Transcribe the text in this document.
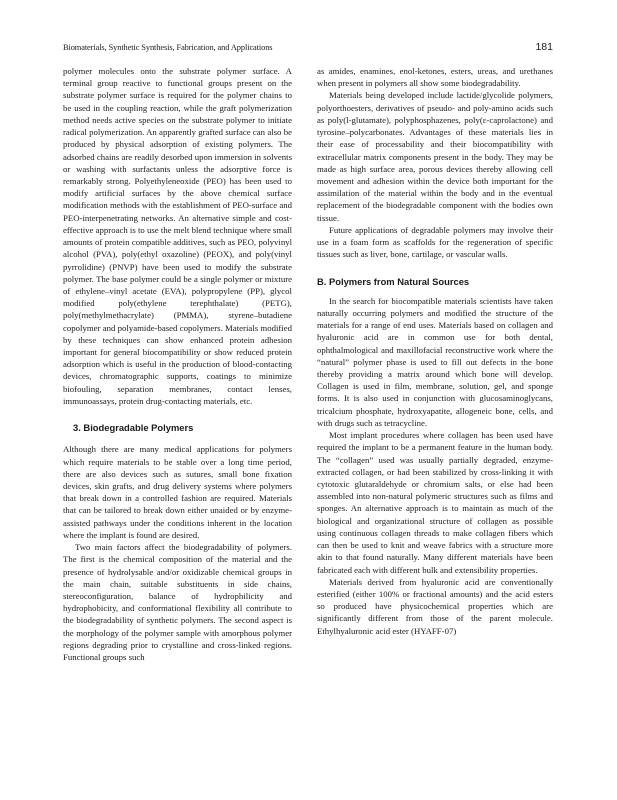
Biomaterials, Synthetic Synthesis, Fabrication, and Applications	181

polymer molecules onto the substrate polymer surface. A terminal group reactive to functional groups present on the substrate polymer surface is required for the polymer chains to be used in the coupling reaction, while the graft polymerization method needs active species on the substrate polymer to initiate radical polymerization. An apparently grafted surface can also be produced by physical adsorption of existing polymers. The adsorbed chains are readily desorbed upon immersion in solvents or washing with surfactants unless the adsorptive force is remarkably strong. Polyethyleneoxide (PEO) has been used to modify artificial surfaces by the above chemical surface modification methods with the establishment of PEO-surface and PEO-interpenetrating networks. An alternative simple and cost-effective approach is to use the melt blend technique where small amounts of protein compatible additives, such as PEO, polyvinyl alcohol (PVA), poly(ethyl oxazoline) (PEOX), and poly(vinyl pyrrolidine) (PNVP) have been used to modify the substrate polymer. The base polymer could be a single polymer or mixture of ethylene–vinyl acetate (EVA), polypropylene (PP), glycol modified poly(ethylene terephthalate) (PETG), poly(methylmethacrylate) (PMMA), styrene–butadiene copolymer and polyamide-based copolymers. Materials modified by these techniques can show enhanced protein adhesion important for general biocompatibility or show reduced protein adsorption which is useful in the production of blood-contacting devices, chromatographic supports, coatings to minimize biofouling, separation membranes, contact lenses, immunoassays, protein drug-contacting materials, etc.

3. Biodegradable Polymers

Although there are many medical applications for polymers which require materials to be stable over a long time period, there are also devices such as sutures, small bone fixation devices, skin grafts, and drug delivery systems where polymers that break down in a controlled fashion are required. Materials that can be tailored to break down either unaided or by enzyme-assisted pathways under the conditions inherent in the location where the implant is found are desired.

Two main factors affect the biodegradability of polymers. The first is the chemical composition of the material and the presence of hydrolysable and/or oxidizable chemical groups in the main chain, suitable substituents in side chains, stereoconfiguration, balance of hydrophilicity and hydrophobicity, and conformational flexibility all contribute to the biodegradability of synthetic polymers. The second aspect is the morphology of the polymer sample with amorphous polymer regions degrading prior to crystalline and cross-linked regions. Functional groups such

as amides, enamines, enol-ketones, esters, ureas, and urethanes when present in polymers all show some biodegradability.

Materials being developed include lactide/glycolide polymers, polyorthoesters, derivatives of pseudo- and poly-amino acids such as poly(l-glutamate), polyphosphazenes, poly(ε-caprolactone) and tyrosine–polycarbonates. Advantages of these materials lies in their ease of processability and their biocompatibility with extracellular matrix components present in the body. They may be made as high surface area, porous devices thereby allowing cell movement and adhesion within the device both important for the assimilation of the material within the body and in the eventual replacement of the biodegradable component with the bodies own tissue.

Future applications of degradable polymers may involve their use in a foam form as scaffolds for the regeneration of specific tissues such as liver, bone, cartilage, or vascular walls.

B. Polymers from Natural Sources

In the search for biocompatible materials scientists have taken naturally occurring polymers and modified the structure of the materials for a range of end uses. Materials based on collagen and hyaluronic acid are in common use for both dental, ophthalmological and maxillofacial reconstructive work where the “natural” polymer phase is used to fill out defects in the bone thereby providing a matrix around which bone will develop. Collagen is used in film, membrane, solution, gel, and sponge forms. It is also used in conjunction with glucosaminoglycans, tricalcium phosphate, hydroxyapatite, allogeneic bone, cells, and with drugs such as tetracycline.

Most implant procedures where collagen has been used have required the implant to be a permanent feature in the human body. The “collagen” used was usually partially degraded, enzyme-extracted collagen, or had been stabilized by cross-linking it with cytotoxic glutaraldehyde or chromium salts, or else had been assembled into non-natural polymeric structures such as films and sponges. An alternative approach is to maintain as much of the biological and organizational structure of collagen as possible using continuous collagen threads to make collagen fibers which can then be used to knit and weave fabrics with a structure more akin to that found naturally. Many different materials have been fabricated each with different bulk and extensibility properties.

Materials derived from hyaluronic acid are conventionally esterified (either 100% or fractional amounts) and the acid esters so produced have physicochemical properties which are significantly different from those of the parent molecule. Ethylhyaluronic acid ester (HYAFF-07)
